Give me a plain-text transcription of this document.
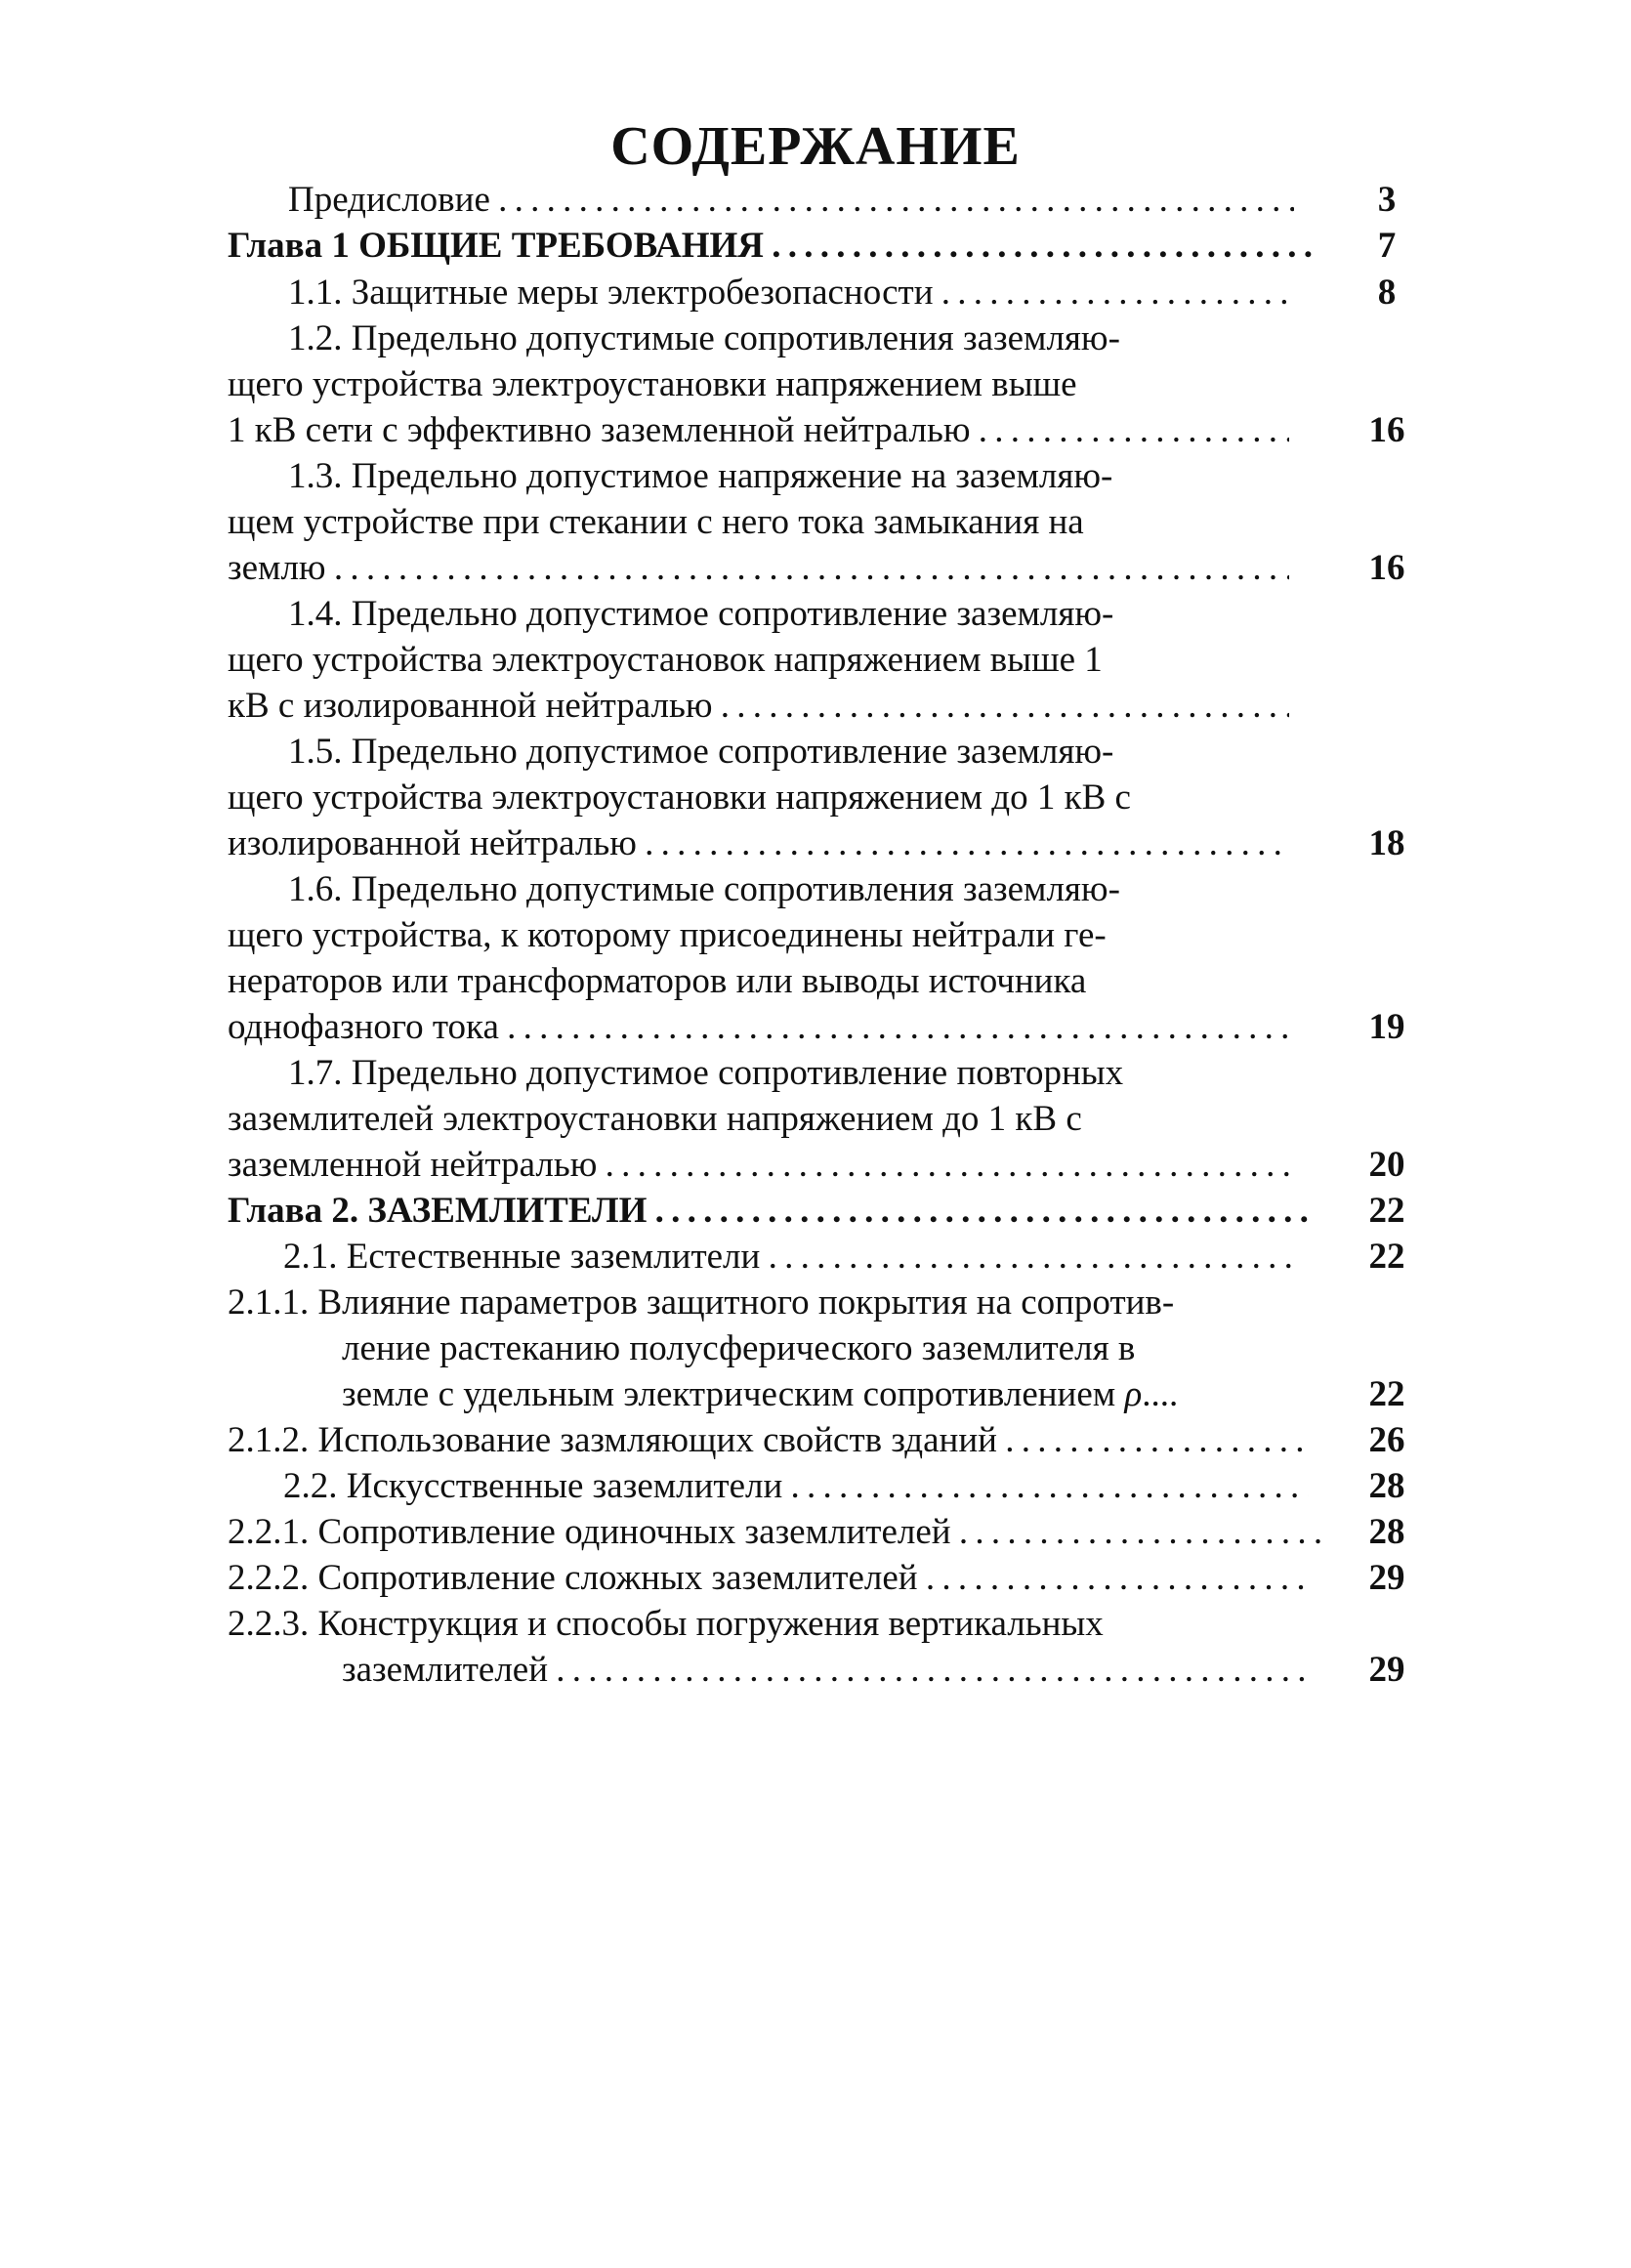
СОДЕРЖАНИЕ
Предисловие . . .	3
Глава 1 ОБЩИЕ ТРЕБОВАНИЯ . . .	7
1.1. Защитные меры электробезопасности . . .	8
1.2. Предельно допустимые сопротивления заземляю-
щего устройства электроустановки напряжением выше
1 кВ сети с эффективно заземленной нейтралью . . .	16
1.3. Предельно допустимое напряжение на заземляю-
щем устройстве при стекании с него тока замыкания на
землю . . .	16
1.4. Предельно допустимое сопротивление заземляю-
щего устройства электроустановок напряжением выше 1
кВ с изолированной нейтралью . . .
1.5. Предельно допустимое сопротивление заземляю-
щего устройства электроустановки напряжением до 1 кВ с
изолированной нейтралью . . .	18
1.6. Предельно допустимые сопротивления заземляю-
щего устройства, к которому присоединены нейтрали ге-
нераторов или трансформаторов или выводы источника
однофазного тока . . .	19
1.7. Предельно допустимое сопротивление повторных
заземлителей электроустановки напряжением до 1 кВ с
заземленной нейтралью . . .	20
Глава 2. ЗАЗЕМЛИТЕЛИ . . .	22
2.1. Естественные заземлители . . .	22
2.1.1. Влияние параметров защитного покрытия на сопротив-
ление растеканию полусферического заземлителя в
земле с удельным электрическим сопротивлением ρ....	22
2.1.2. Использование зазмляющих свойств зданий . . .	26
2.2. Искусственные заземлители . . .	28
2.2.1. Сопротивление одиночных заземлителей . . .	28
2.2.2. Сопротивление сложных заземлителей . . .	29
2.2.3. Конструкция и способы погружения вертикальных
заземлителей . . .	29
